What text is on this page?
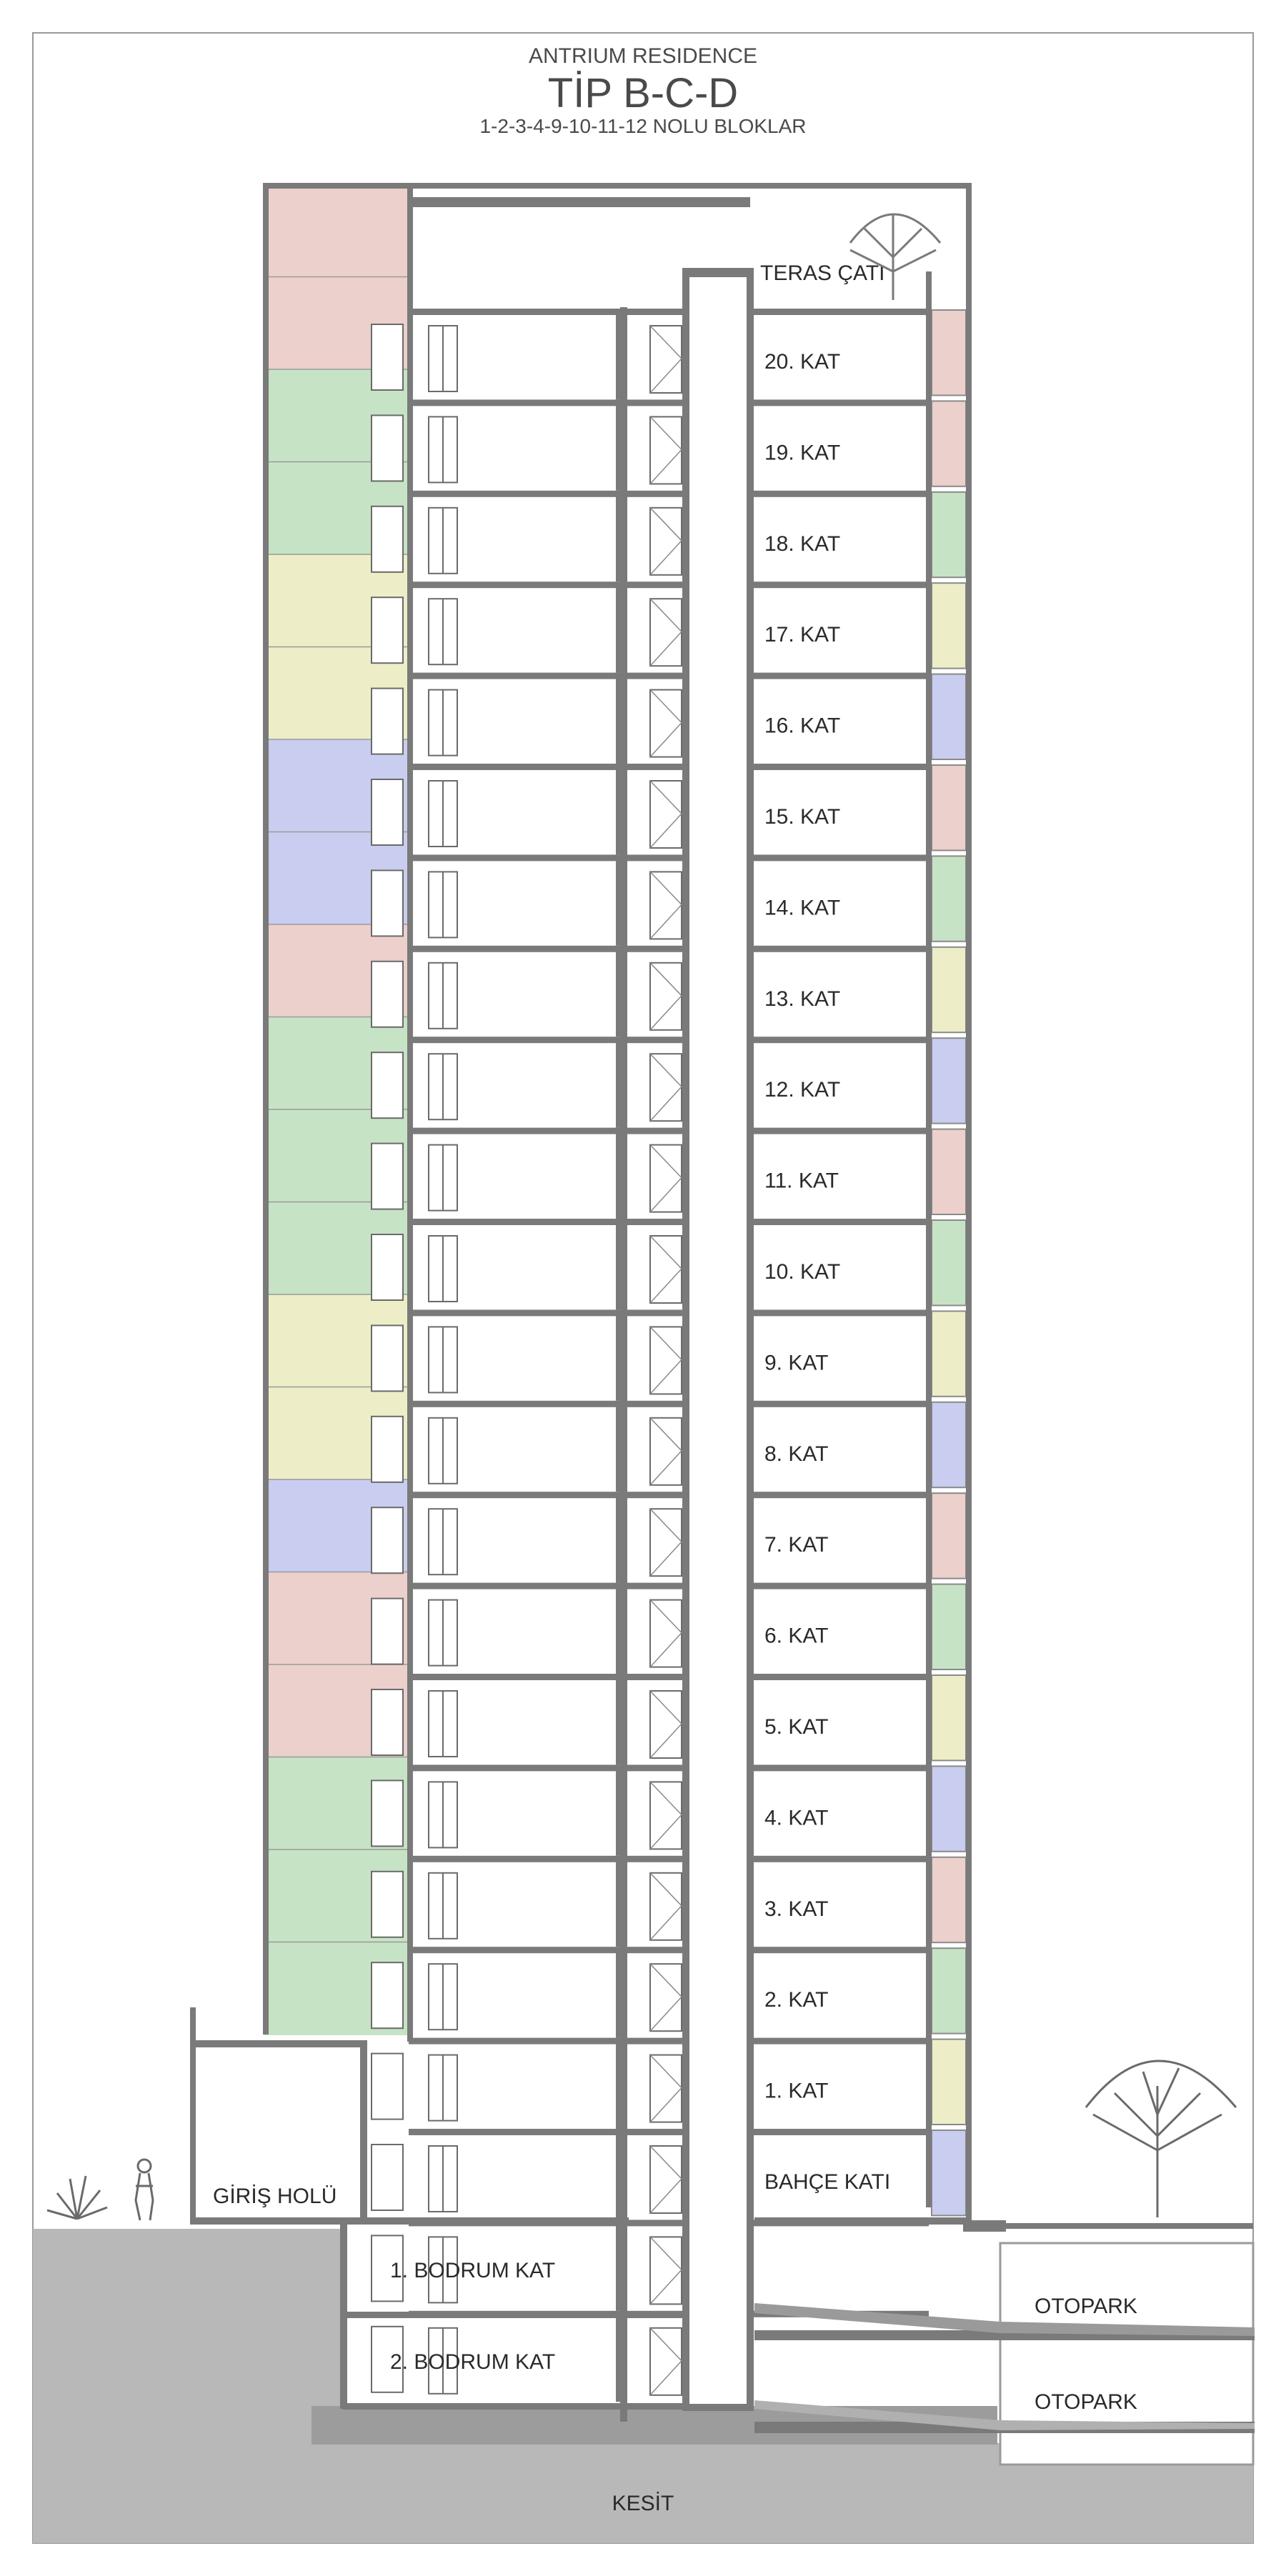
ANTRIUM RESIDENCE
TİP B-C-D
1-2-3-4-9-10-11-12 NOLU BLOKLAR
20. KAT
19. KAT
18. KAT
17. KAT
16. KAT
15. KAT
14. KAT
13. KAT
12. KAT
11. KAT
10. KAT
9. KAT
8. KAT
7. KAT
6. KAT
5. KAT
4. KAT
3. KAT
2. KAT
1. KAT
TERAS ÇATI
GİRİŞ HOLÜ
BAHÇE KATI
1. BODRUM KAT
2. BODRUM KAT
OTOPARK
OTOPARK
KESİT
